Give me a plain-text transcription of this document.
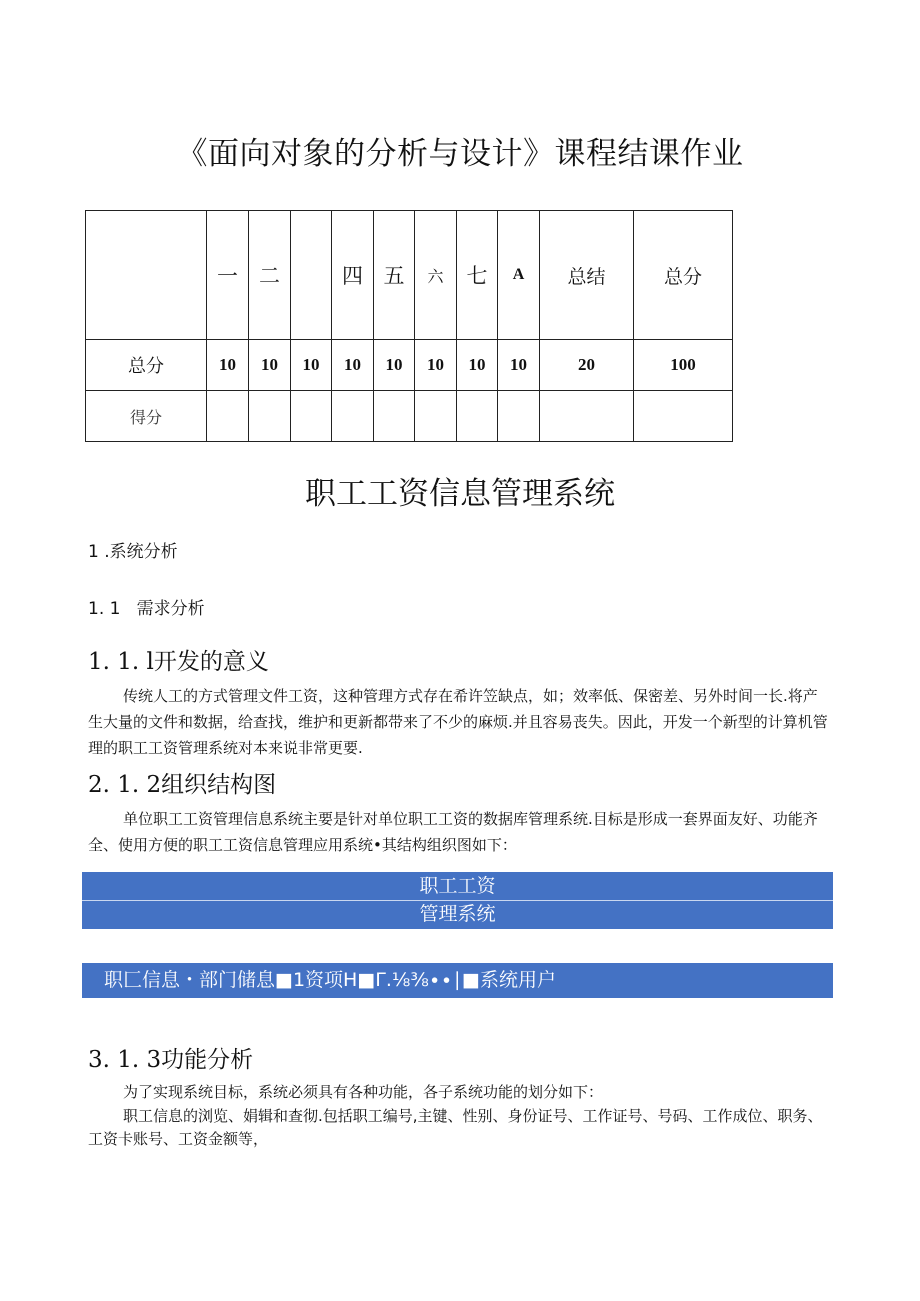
《面向对象的分析与设计》课程结课作业
	一	二		四	五	六	七	A	总结	总分
总分	10	10	10	10	10	10	10	10	20	100
得分										
职工工资信息管理系统
1 .系统分析
1. 1   需求分析
1. 1. l开发的意义
传统人工的方式管理文件工资，这种管理方式存在希许笠缺点，如；效率低、保密差、另外时间一长.将产生大量的文件和数据，给查找，维护和更新都带来了不少的麻烦.并且容易丧失。因此，开发一个新型的计算机管理的职工工资管理系统对本来说非常更要.
2. 1. 2组织结构图
单位职工工资管理信息系统主要是针对单位职工工资的数据库管理系统.目标是形成一套界面友好、功能齐全、使用方便的职工工资信息管理应用系统•其结构组织图如下：
职工工资
管理系统
职匚信息・部门储息■1资项H■Γ.⅛⅜∙∙∣■系统用户
3. 1. 3功能分析
为了实现系统目标，系统必须具有各种功能，各子系统功能的划分如下：
职工信息的浏览、娟辑和查彻.包括职工编号,主键、性别、身份证号、工作证号、号码、工作成位、职务、工资卡账号、工资金额等，
